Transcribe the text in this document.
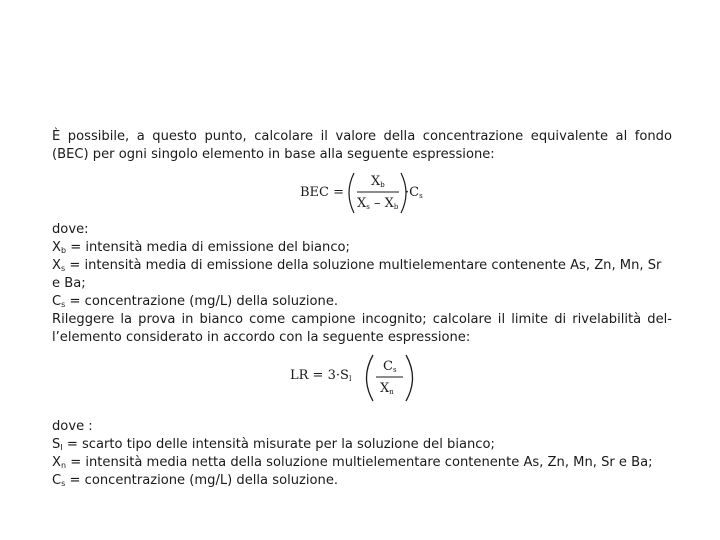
È possibile, a questo punto, calcolare il valore della concentrazione equivalente al fondo
(BEC) per ogni singolo elemento in base alla seguente espressione:
BEC =
$X_b$
$X_s - X_b$
$\cdot C_s$
dove:
$X_b$ = intensità media di emissione del bianco;
$X_s$ = intensità media di emissione della soluzione multielementare contenente As, Zn, Mn, Sr
e Ba;
$C_s$ = concentrazione (mg/L) della soluzione.
Rileggere la prova in bianco come campione incognito; calcolare il limite di rivelabilità del-
l’elemento considerato in accordo con la seguente espressione:
LR = $3\cdot S_I$
$C_s$
$X_n$
dove :
$S_I$ = scarto tipo delle intensità misurate per la soluzione del bianco;
$X_n$ = intensità media netta della soluzione multielementare contenente As, Zn, Mn, Sr e Ba;
$C_s$ = concentrazione (mg/L) della soluzione.
